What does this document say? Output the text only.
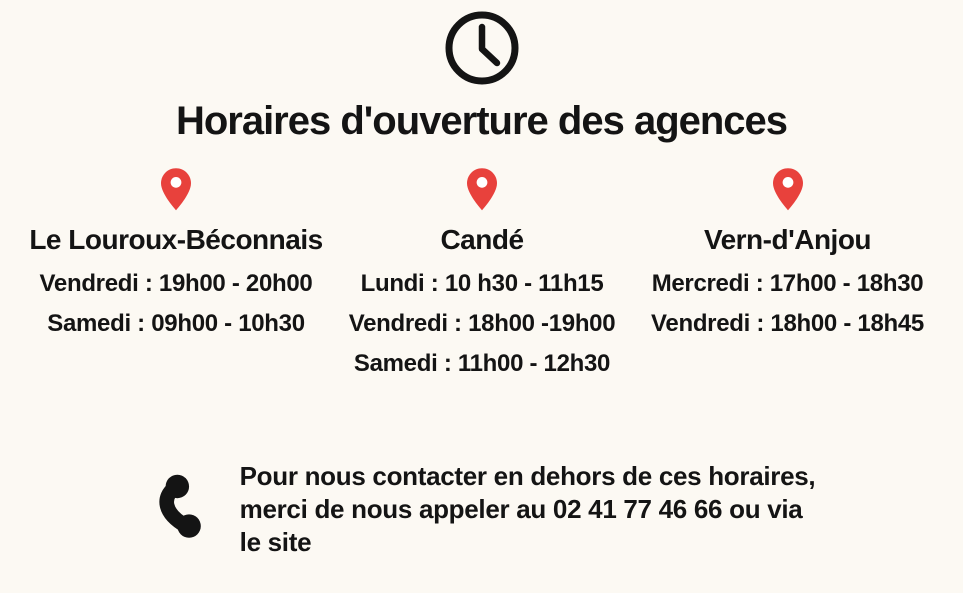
Horaires d'ouverture des agences
Le Louroux-Béconnais
Vendredi : 19h00 - 20h00
Samedi : 09h00 - 10h30
Candé
Lundi : 10 h30 - 11h15
Vendredi : 18h00 -19h00
Samedi : 11h00 - 12h30
Vern-d'Anjou
Mercredi : 17h00 - 18h30
Vendredi : 18h00 - 18h45
Pour nous contacter en dehors de ces horaires,
merci de nous appeler au 02 41 77 46 66 ou via
le site
